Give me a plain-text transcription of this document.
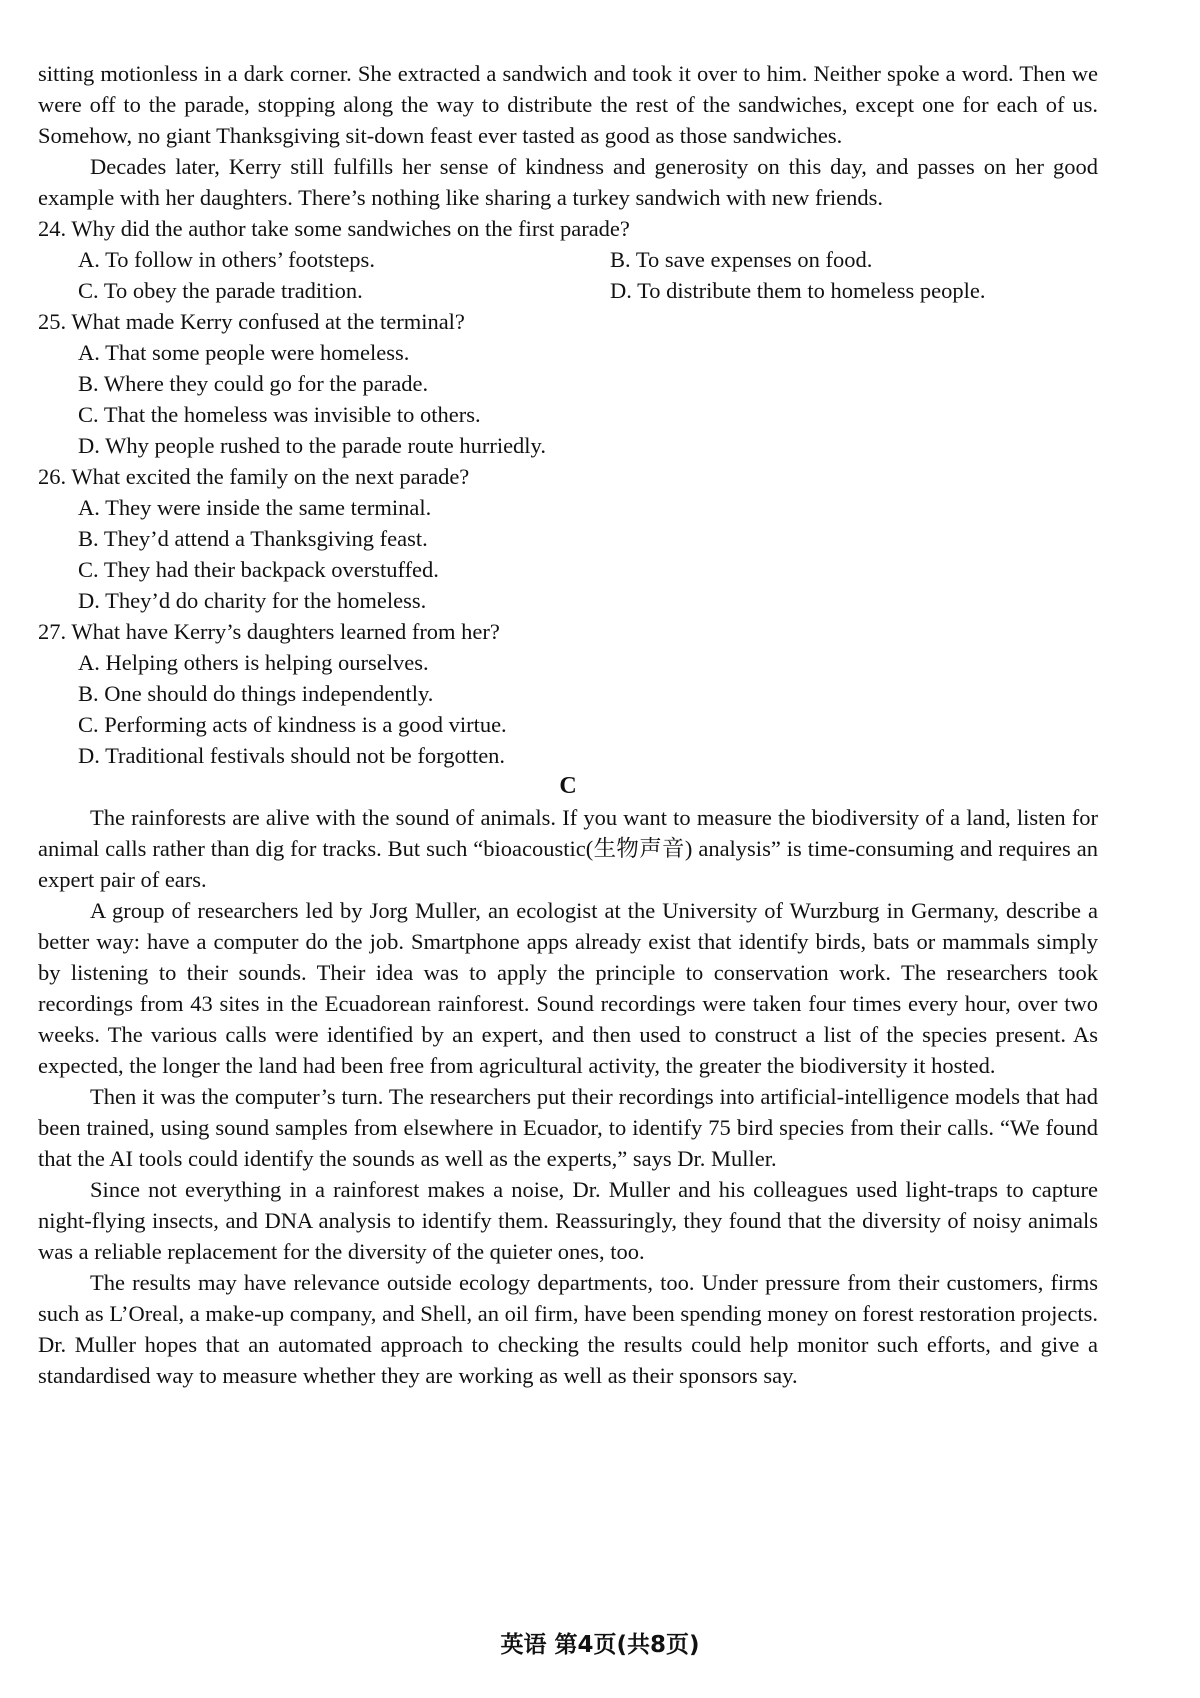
sitting motionless in a dark corner. She extracted a sandwich and took it over to him. Neither spoke a word. Then we were off to the parade, stopping along the way to distribute the rest of the sandwiches, except one for each of us. Somehow, no giant Thanksgiving sit-down feast ever tasted as good as those sandwiches.

Decades later, Kerry still fulfills her sense of kindness and generosity on this day, and passes on her good example with her daughters. There’s nothing like sharing a turkey sandwich with new friends.

24. Why did the author take some sandwiches on the first parade?

A. To follow in others’ footsteps.	B. To save expenses on food.
C. To obey the parade tradition.	D. To distribute them to homeless people.

25. What made Kerry confused at the terminal?

A. That some people were homeless.
B. Where they could go for the parade.
C. That the homeless was invisible to others.
D. Why people rushed to the parade route hurriedly.

26. What excited the family on the next parade?

A. They were inside the same terminal.
B. They’d attend a Thanksgiving feast.
C. They had their backpack overstuffed.
D. They’d do charity for the homeless.

27. What have Kerry’s daughters learned from her?

A. Helping others is helping ourselves.
B. One should do things independently.
C. Performing acts of kindness is a good virtue.
D. Traditional festivals should not be forgotten.

C

The rainforests are alive with the sound of animals. If you want to measure the biodiversity of a land, listen for animal calls rather than dig for tracks. But such “bioacoustic(生物声音) analysis” is time-consuming and requires an expert pair of ears.

A group of researchers led by Jorg Muller, an ecologist at the University of Wurzburg in Germany, describe a better way: have a computer do the job. Smartphone apps already exist that identify birds, bats or mammals simply by listening to their sounds. Their idea was to apply the principle to conservation work. The researchers took recordings from 43 sites in the Ecuadorean rainforest. Sound recordings were taken four times every hour, over two weeks. The various calls were identified by an expert, and then used to construct a list of the species present. As expected, the longer the land had been free from agricultural activity, the greater the biodiversity it hosted.

Then it was the computer’s turn. The researchers put their recordings into artificial-intelligence models that had been trained, using sound samples from elsewhere in Ecuador, to identify 75 bird species from their calls. “We found that the AI tools could identify the sounds as well as the experts,” says Dr. Muller.

Since not everything in a rainforest makes a noise, Dr. Muller and his colleagues used light-traps to capture night-flying insects, and DNA analysis to identify them. Reassuringly, they found that the diversity of noisy animals was a reliable replacement for the diversity of the quieter ones, too.

The results may have relevance outside ecology departments, too. Under pressure from their customers, firms such as L’Oreal, a make-up company, and Shell, an oil firm, have been spending money on forest restoration projects. Dr. Muller hopes that an automated approach to checking the results could help monitor such efforts, and give a standardised way to measure whether they are working as well as their sponsors say.

英语 第4页(共8页)
